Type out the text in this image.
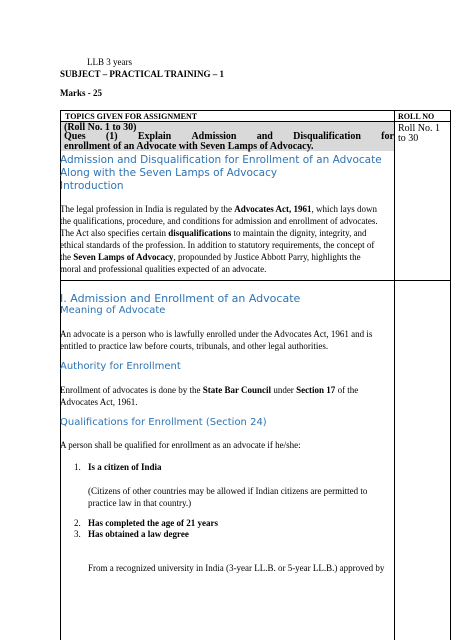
LLB 3 years
SUBJECT – PRACTICAL TRAINING – 1
Marks - 25
TOPICS GIVEN FOR ASSIGNMENT	ROLL NO
Roll No. 1
to 30
(Roll No. 1 to 30)
Ques (1) Explain Admission and Disqualification for
enrollment of an Advocate with Seven Lamps of Advocacy.
Admission and Disqualification for Enrollment of an Advocate
Along with the Seven Lamps of Advocacy
Introduction
The legal profession in India is regulated by the Advocates Act, 1961, which lays down
the qualifications, procedure, and conditions for admission and enrollment of advocates.
The Act also specifies certain disqualifications to maintain the dignity, integrity, and
ethical standards of the profession. In addition to statutory requirements, the concept of
the Seven Lamps of Advocacy, propounded by Justice Abbott Parry, highlights the
moral and professional qualities expected of an advocate.
I. Admission and Enrollment of an Advocate
Meaning of Advocate
An advocate is a person who is lawfully enrolled under the Advocates Act, 1961 and is
entitled to practice law before courts, tribunals, and other legal authorities.
Authority for Enrollment
Enrollment of advocates is done by the State Bar Council under Section 17 of the
Advocates Act, 1961.
Qualifications for Enrollment (Section 24)
A person shall be qualified for enrollment as an advocate if he/she:
1. Is a citizen of India
(Citizens of other countries may be allowed if Indian citizens are permitted to
practice law in that country.)
2. Has completed the age of 21 years
3. Has obtained a law degree
From a recognized university in India (3-year LL.B. or 5-year LL.B.) approved by
